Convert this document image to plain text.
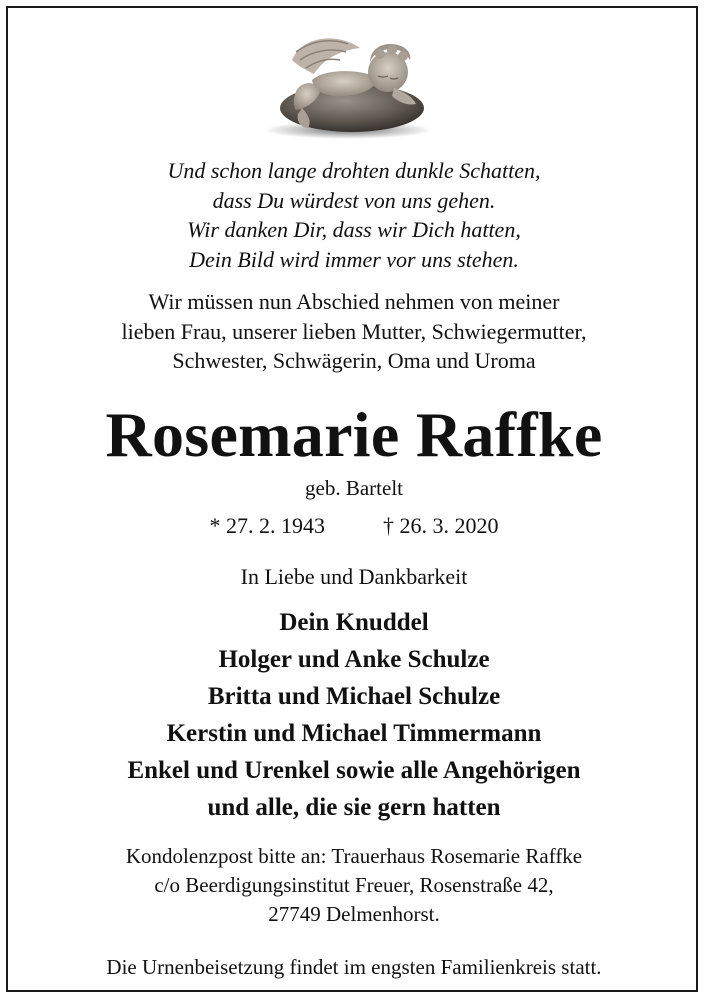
Und schon lange drohten dunkle Schatten,
dass Du würdest von uns gehen.
Wir danken Dir, dass wir Dich hatten,
Dein Bild wird immer vor uns stehen.
Wir müssen nun Abschied nehmen von meiner
lieben Frau, unserer lieben Mutter, Schwiegermutter,
Schwester, Schwägerin, Oma und Uroma
Rosemarie Raffke
geb. Bartelt
* 27. 2. 1943	† 26. 3. 2020
In Liebe und Dankbarkeit
Dein Knuddel
Holger und Anke Schulze
Britta und Michael Schulze
Kerstin und Michael Timmermann
Enkel und Urenkel sowie alle Angehörigen
und alle, die sie gern hatten
Kondolenzpost bitte an: Trauerhaus Rosemarie Raffke
c/o Beerdigungsinstitut Freuer, Rosenstraße 42,
27749 Delmenhorst.
Die Urnenbeisetzung findet im engsten Familienkreis statt.
